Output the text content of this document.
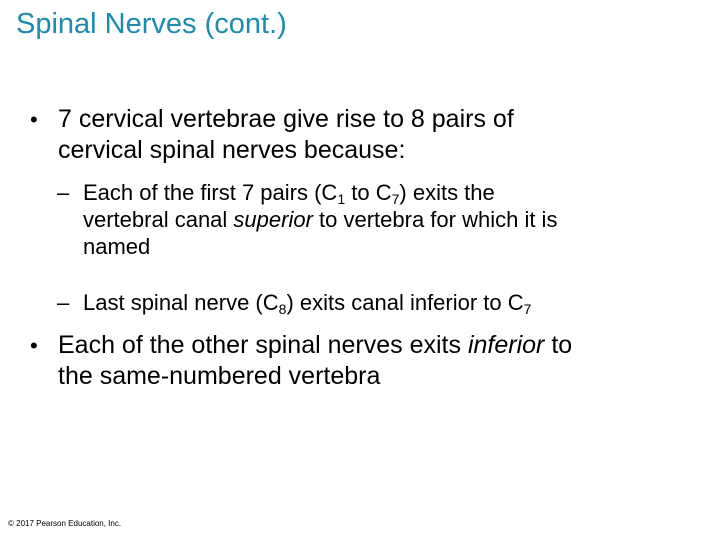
Spinal Nerves (cont.)
• 7 cervical vertebrae give rise to 8 pairs of
cervical spinal nerves because:
– Each of the first 7 pairs ($C_1$ to $C_7$) exits the
vertebral canal superior to vertebra for which it is
named
– Last spinal nerve $(C_8)$ exits canal inferior to $C_7$
• Each of the other spinal nerves exits inferior to
the same-numbered vertebra
© 2017 Pearson Education, Inc.
